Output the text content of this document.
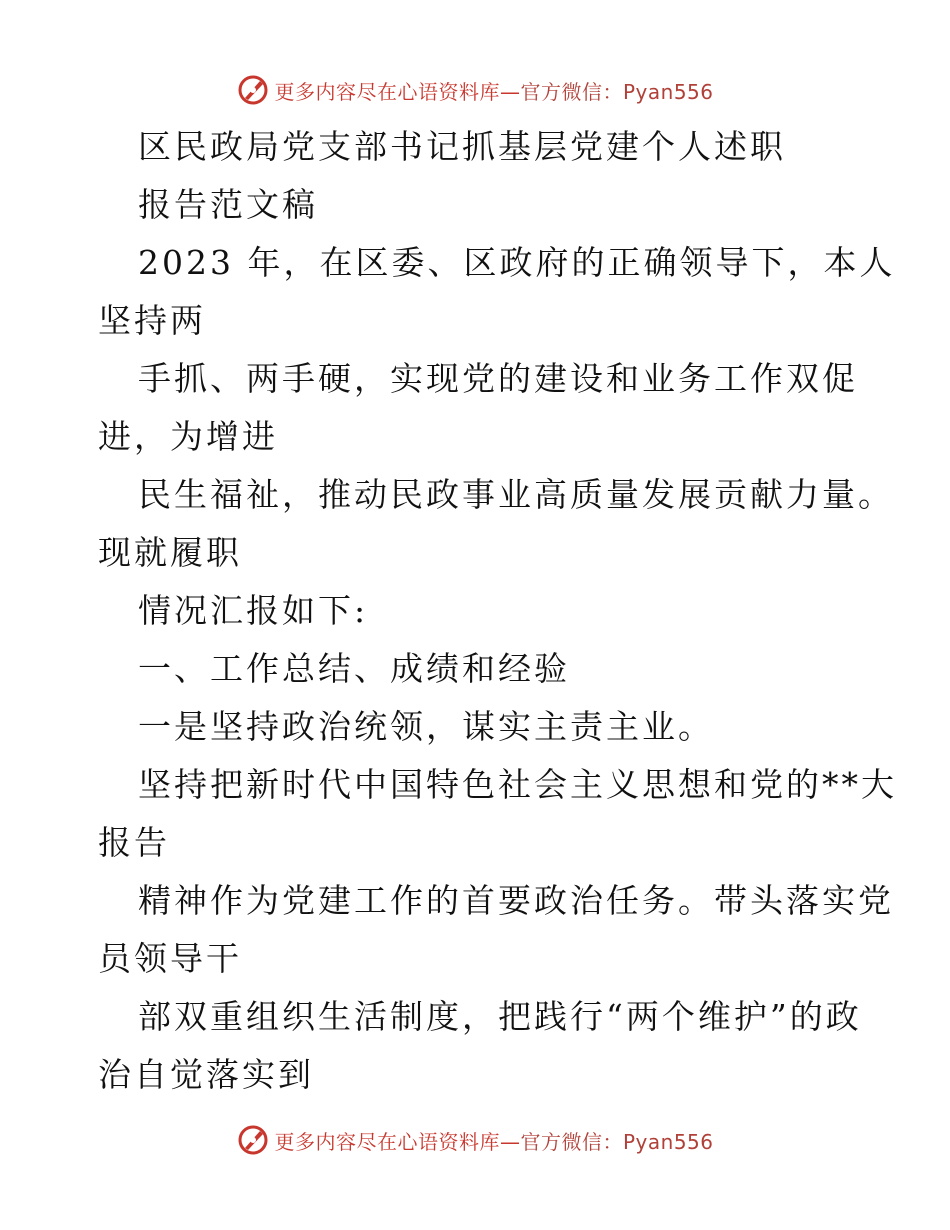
更多内容尽在心语资料库—官方微信：Pyan556
区民政局党支部书记抓基层党建个人述职
报告范文稿
2023 年，在区委、区政府的正确领导下，本人
坚持两
手抓、两手硬，实现党的建设和业务工作双促
进，为增进
民生福祉，推动民政事业高质量发展贡献力量。
现就履职
情况汇报如下:
一、工作总结、成绩和经验
一是坚持政治统领，谋实主责主业。
坚持把新时代中国特色社会主义思想和党的**大
报告
精神作为党建工作的首要政治任务。带头落实党
员领导干
部双重组织生活制度，把践行“两个维护”的政
治自觉落实到
更多内容尽在心语资料库—官方微信：Pyan556
